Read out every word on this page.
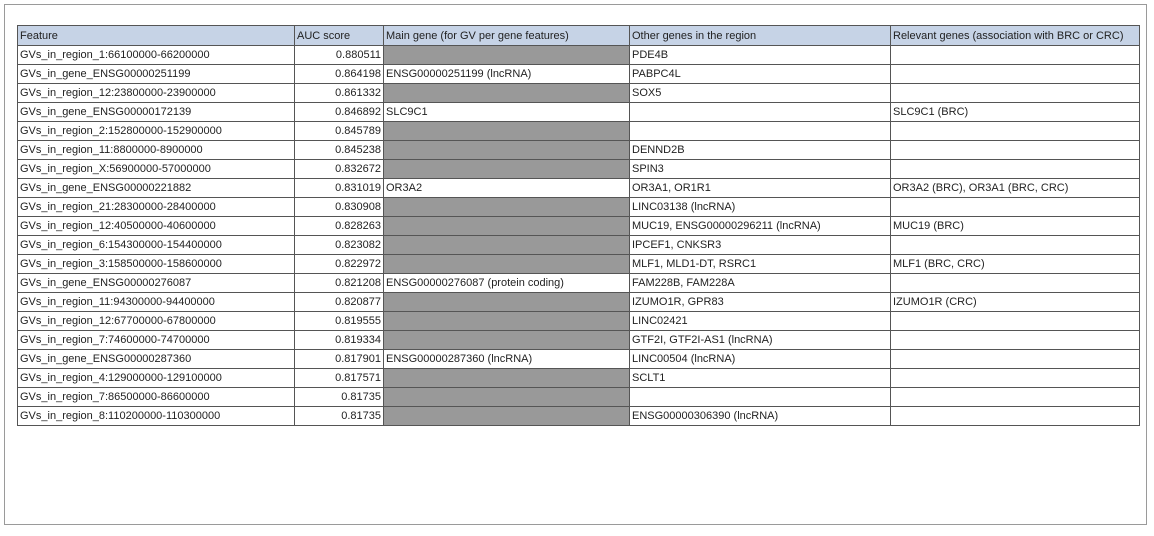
Feature	AUC score	Main gene (for GV per gene features)	Other genes in the region	Relevant genes (association with BRC or CRC)
GVs_in_region_1:66100000-66200000	0.880511		PDE4B	
GVs_in_gene_ENSG00000251199	0.864198	ENSG00000251199 (lncRNA)	PABPC4L	
GVs_in_region_12:23800000-23900000	0.861332		SOX5	
GVs_in_gene_ENSG00000172139	0.846892	SLC9C1		SLC9C1 (BRC)
GVs_in_region_2:152800000-152900000	0.845789			
GVs_in_region_11:8800000-8900000	0.845238		DENND2B	
GVs_in_region_X:56900000-57000000	0.832672		SPIN3	
GVs_in_gene_ENSG00000221882	0.831019	OR3A2	OR3A1, OR1R1	OR3A2 (BRC), OR3A1 (BRC, CRC)
GVs_in_region_21:28300000-28400000	0.830908		LINC03138 (lncRNA)	
GVs_in_region_12:40500000-40600000	0.828263		MUC19, ENSG00000296211 (lncRNA)	MUC19 (BRC)
GVs_in_region_6:154300000-154400000	0.823082		IPCEF1, CNKSR3	
GVs_in_region_3:158500000-158600000	0.822972		MLF1, MLD1-DT, RSRC1	MLF1 (BRC, CRC)
GVs_in_gene_ENSG00000276087	0.821208	ENSG00000276087 (protein coding)	FAM228B, FAM228A	
GVs_in_region_11:94300000-94400000	0.820877		IZUMO1R, GPR83	IZUMO1R (CRC)
GVs_in_region_12:67700000-67800000	0.819555		LINC02421	
GVs_in_region_7:74600000-74700000	0.819334		GTF2I, GTF2I-AS1 (lncRNA)	
GVs_in_gene_ENSG00000287360	0.817901	ENSG00000287360 (lncRNA)	LINC00504 (lncRNA)	
GVs_in_region_4:129000000-129100000	0.817571		SCLT1	
GVs_in_region_7:86500000-86600000	0.81735			
GVs_in_region_8:110200000-110300000	0.81735		ENSG00000306390 (lncRNA)	
